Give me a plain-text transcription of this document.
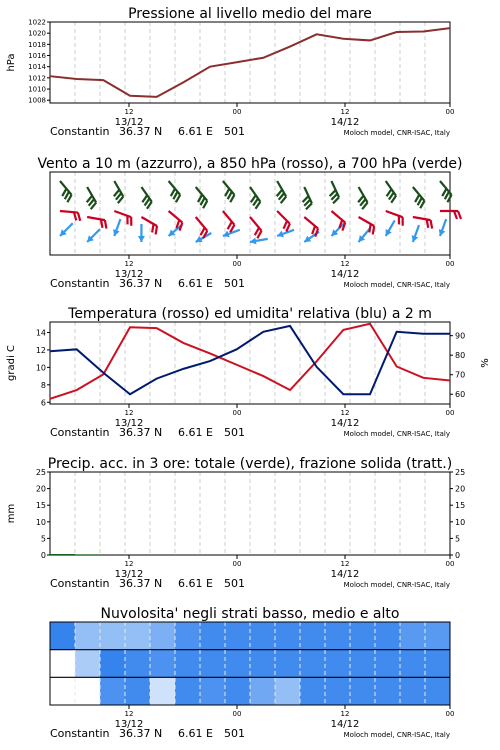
12
13/12
00	12
14/12
00
Constantin 36.37 N 6.61 E 501	Moloch model, CNR-ISAC, Italy
Pressione al livello medio del mare
1008
1010
1012
1014
1016
1018
1020
1022
hPa
12
13/12
00	12
14/12
00
Constantin 36.37 N 6.61 E 501	Moloch model, CNR-ISAC, Italy
Vento a 10 m (azzurro), a 850 hPa (rosso), a 700 hPa (verde)
12
13/12
00	12
14/12
00
Constantin 36.37 N 6.61 E 501	Moloch model, CNR-ISAC, Italy
Temperatura (rosso) ed umidita' relativa (blu) a 2 m
6
8
10
12
14
60
70
80
90
gradi C	%
12
13/12
00	12
14/12
00
Constantin 36.37 N 6.61 E 501	Moloch model, CNR-ISAC, Italy
Precip. acc. in 3 ore: totale (verde), frazione solida (tratt.)
0	0
5	5
10	10
15	15
20	20
25	25
mm
12
13/12
00	12
14/12
00
Constantin 36.37 N 6.61 E 501	Moloch model, CNR-ISAC, Italy
Nuvolosita' negli strati basso, medio e alto
